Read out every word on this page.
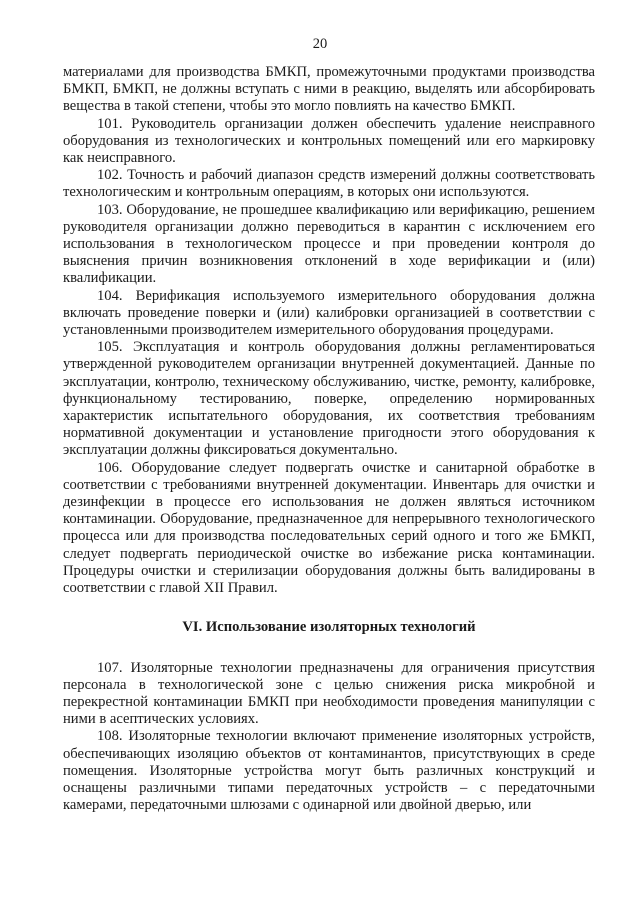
20

материалами для производства БМКП, промежуточными продуктами производства БМКП, БМКП, не должны вступать с ними в реакцию, выделять или абсорбировать вещества в такой степени, чтобы это могло повлиять на качество БМКП.

101. Руководитель организации должен обеспечить удаление неисправного оборудования из технологических и контрольных помещений или его маркировку как неисправного.

102. Точность и рабочий диапазон средств измерений должны соответствовать технологическим и контрольным операциям, в которых они используются.

103. Оборудование, не прошедшее квалификацию или верификацию, решением руководителя организации должно переводиться в карантин с исключением его использования в технологическом процессе и при проведении контроля до выяснения причин возникновения отклонений в ходе верификации и (или) квалификации.

104. Верификация используемого измерительного оборудования должна включать проведение поверки и (или) калибровки организацией в соответствии с установленными производителем измерительного оборудования процедурами.

105. Эксплуатация и контроль оборудования должны регламентироваться утвержденной руководителем организации внутренней документацией. Данные по эксплуатации, контролю, техническому обслуживанию, чистке, ремонту, калибровке, функциональному тестированию, поверке, определению нормированных характеристик испытательного оборудования, их соответствия требованиям нормативной документации и установление пригодности этого оборудования к эксплуатации должны фиксироваться документально.

106. Оборудование следует подвергать очистке и санитарной обработке в соответствии с требованиями внутренней документации. Инвентарь для очистки и дезинфекции в процессе его использования не должен являться источником контаминации. Оборудование, предназначенное для непрерывного технологического процесса или для производства последовательных серий одного и того же БМКП, следует подвергать периодической очистке во избежание риска контаминации. Процедуры очистки и стерилизации оборудования должны быть валидированы в соответствии с главой XII Правил.

VI. Использование изоляторных технологий

107. Изоляторные технологии предназначены для ограничения присутствия персонала в технологической зоне с целью снижения риска микробной и перекрестной контаминации БМКП при необходимости проведения манипуляции с ними в асептических условиях.

108. Изоляторные технологии включают применение изоляторных устройств, обеспечивающих изоляцию объектов от контаминантов, присутствующих в среде помещения. Изоляторные устройства могут быть различных конструкций и оснащены различными типами передаточных устройств – с передаточными камерами, передаточными шлюзами с одинарной или двойной дверью, или
